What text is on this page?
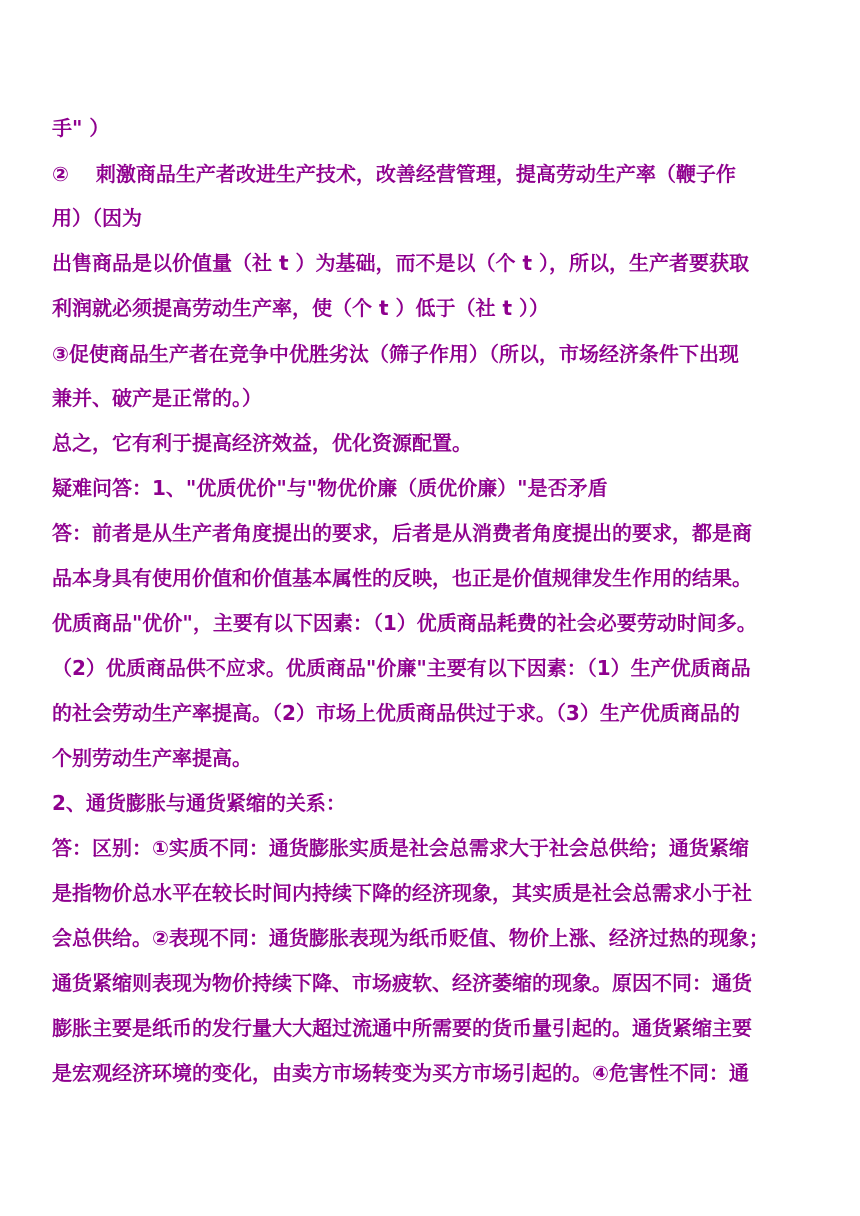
手" ）
②　 刺激商品生产者改进生产技术，改善经营管理，提高劳动生产率（鞭子作
用）（因为
出售商品是以价值量（社 t ）为基础，而不是以（个 t ），所以，生产者要获取
利润就必须提高劳动生产率，使（个 t ）低于（社 t ））
③促使商品生产者在竞争中优胜劣汰（筛子作用）（所以，市场经济条件下出现
兼并、破产是正常的。）
总之，它有利于提高经济效益，优化资源配置。
疑难问答：1、"优质优价"与"物优价廉（质优价廉）"是否矛盾
答：前者是从生产者角度提出的要求，后者是从消费者角度提出的要求，都是商
品本身具有使用价值和价值基本属性的反映，也正是价值规律发生作用的结果。
优质商品"优价"，主要有以下因素：（1）优质商品耗费的社会必要劳动时间多。
（2）优质商品供不应求。优质商品"价廉"主要有以下因素：（1）生产优质商品
的社会劳动生产率提高。（2）市场上优质商品供过于求。（3）生产优质商品的
个别劳动生产率提高。
2、通货膨胀与通货紧缩的关系：
答：区别：①实质不同：通货膨胀实质是社会总需求大于社会总供给；通货紧缩
是指物价总水平在较长时间内持续下降的经济现象，其实质是社会总需求小于社
会总供给。②表现不同：通货膨胀表现为纸币贬值、物价上涨、经济过热的现象；
通货紧缩则表现为物价持续下降、市场疲软、经济萎缩的现象。原因不同：通货
膨胀主要是纸币的发行量大大超过流通中所需要的货币量引起的。通货紧缩主要
是宏观经济环境的变化，由卖方市场转变为买方市场引起的。④危害性不同：通
